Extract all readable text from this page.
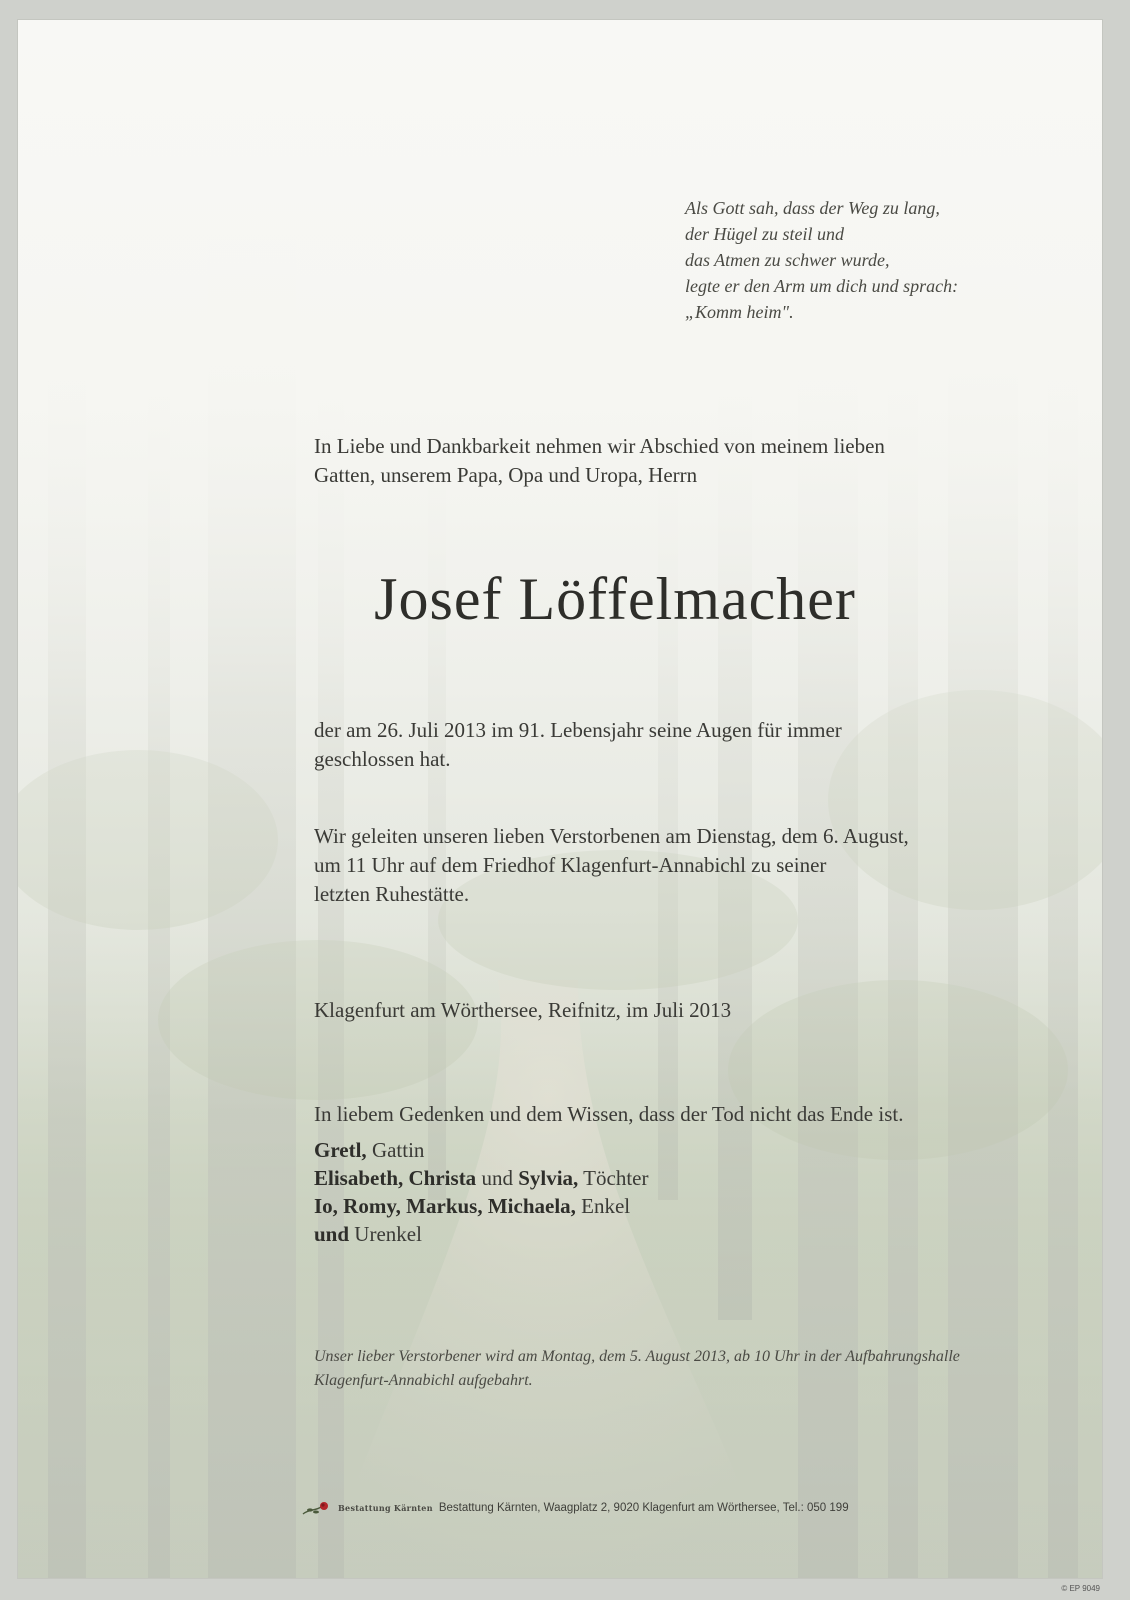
Als Gott sah, dass der Weg zu lang,
der Hügel zu steil und
das Atmen zu schwer wurde,
legte er den Arm um dich und sprach:
„Komm heim".
In Liebe und Dankbarkeit nehmen wir Abschied von meinem lieben
Gatten, unserem Papa, Opa und Uropa, Herrn
Josef Löffelmacher
der am 26. Juli 2013 im 91. Lebensjahr seine Augen für immer
geschlossen hat.
Wir geleiten unseren lieben Verstorbenen am Dienstag, dem 6. August,
um 11 Uhr auf dem Friedhof Klagenfurt-Annabichl zu seiner
letzten Ruhestätte.
Klagenfurt am Wörthersee, Reifnitz, im Juli 2013
In liebem Gedenken und dem Wissen, dass der Tod nicht das Ende ist.
Gretl, Gattin
Elisabeth, Christa und Sylvia, Töchter
Io, Romy, Markus, Michaela, Enkel
und Urenkel
Unser lieber Verstorbener wird am Montag, dem 5. August 2013, ab 10 Uhr in der Aufbahrungshalle
Klagenfurt-Annabichl aufgebahrt.
Bestattung Kärnten Bestattung Kärnten, Waagplatz 2, 9020 Klagenfurt am Wörthersee, Tel.: 050 199
© EP 9049
